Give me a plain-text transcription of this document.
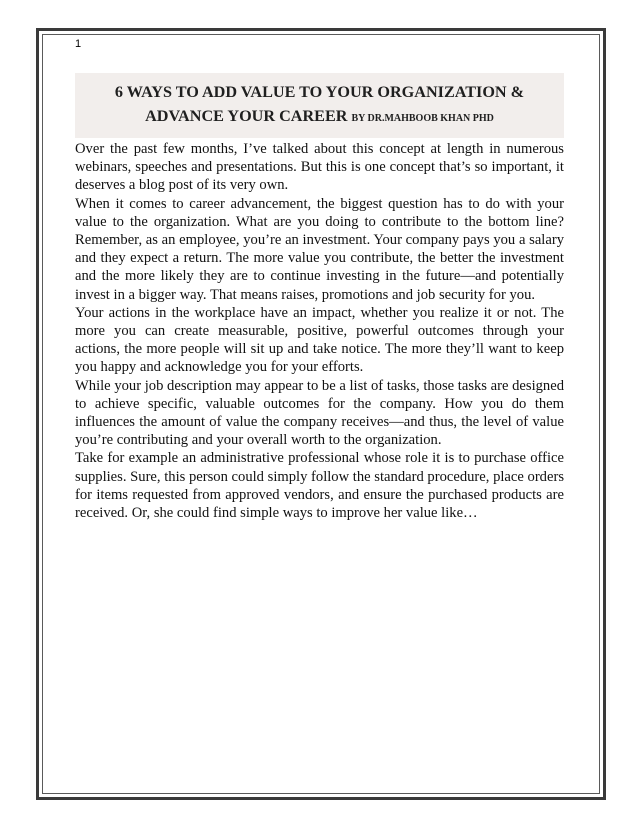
1
6 WAYS TO ADD VALUE TO YOUR ORGANIZATION &
ADVANCE YOUR CAREER BY DR.MAHBOOB KHAN PHD

Over the past few months, I’ve talked about this concept at length in numerous webinars, speeches and presentations. But this is one concept that’s so important, it deserves a blog post of its very own.

When it comes to career advancement, the biggest question has to do with your value to the organization. What are you doing to contribute to the bottom line? Remember, as an employee, you’re an investment. Your company pays you a salary and they expect a return. The more value you contribute, the better the investment and the more likely they are to continue investing in the future—and potentially invest in a bigger way. That means raises, promotions and job security for you.

Your actions in the workplace have an impact, whether you realize it or not. The more you can create measurable, positive, powerful outcomes through your actions, the more people will sit up and take notice. The more they’ll want to keep you happy and acknowledge you for your efforts.

While your job description may appear to be a list of tasks, those tasks are designed to achieve specific, valuable outcomes for the company. How you do them influences the amount of value the company receives—and thus, the level of value you’re contributing and your overall worth to the organization.

Take for example an administrative professional whose role it is to purchase office supplies. Sure, this person could simply follow the standard procedure, place orders for items requested from approved vendors, and ensure the purchased products are received. Or, she could find simple ways to improve her value like…
